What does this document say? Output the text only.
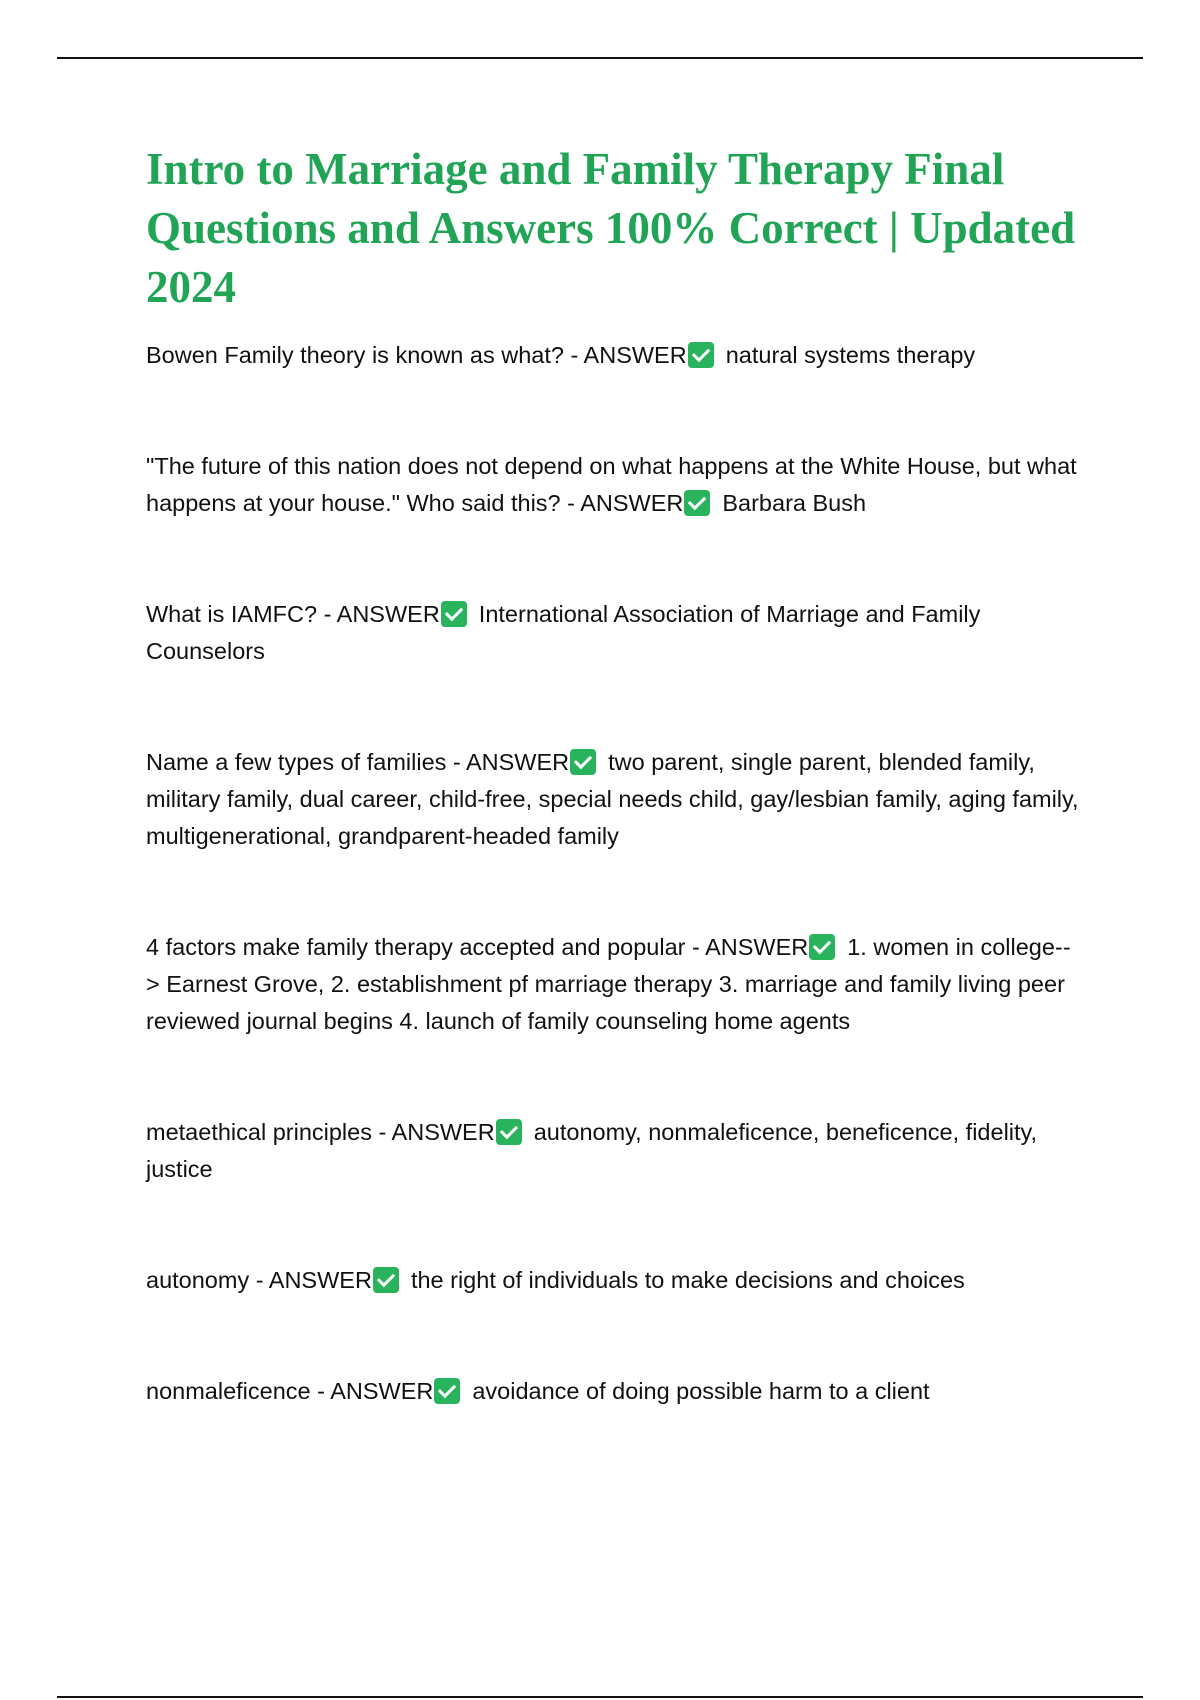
Intro to Marriage and Family Therapy Final Questions and Answers 100% Correct | Updated 2024

Bowen Family theory is known as what? - ANSWER natural systems therapy

"The future of this nation does not depend on what happens at the White House, but what happens at your house." Who said this? - ANSWER Barbara Bush

What is IAMFC? - ANSWER International Association of Marriage and Family Counselors

Name a few types of families - ANSWER two parent, single parent, blended family, military family, dual career, child-free, special needs child, gay/lesbian family, aging family, multigenerational, grandparent-headed family

4 factors make family therapy accepted and popular - ANSWER 1. women in college--> Earnest Grove, 2. establishment pf marriage therapy 3. marriage and family living peer reviewed journal begins 4. launch of family counseling home agents

metaethical principles - ANSWER autonomy, nonmaleficence, beneficence, fidelity, justice

autonomy - ANSWER the right of individuals to make decisions and choices

nonmaleficence - ANSWER avoidance of doing possible harm to a client
